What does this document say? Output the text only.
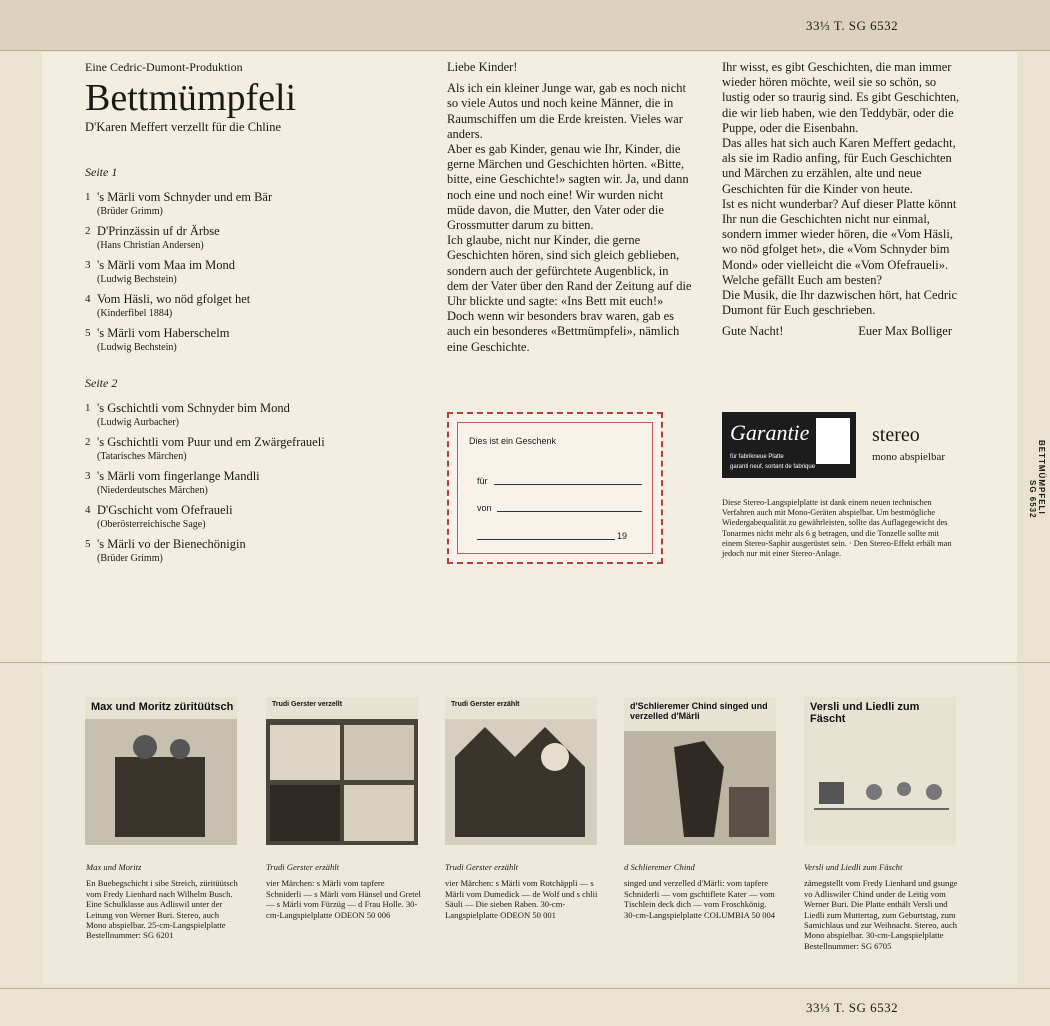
33⅓ T. SG 6532
BETTMÜMPFELI
SG 6532
Eine Cedric-Dumont-Produktion
Bettmümpfeli
D'Karen Meffert verzellt für die Chline
Seite 1
1 's Märli vom Schnyder und em Bär
(Brüder Grimm)
2 D'Prinzässin uf dr Ärbse
(Hans Christian Andersen)
3 's Märli vom Maa im Mond
(Ludwig Bechstein)
4 Vom Häsli, wo nöd gfolget het
(Kinderfibel 1884)
5 's Märli vom Haberschelm
(Ludwig Bechstein)
Seite 2
1 's Gschichtli vom Schnyder bim Mond
(Ludwig Aurbacher)
2 's Gschichtli vom Puur und em Zwärgefraueli
(Tatarisches Märchen)
3 's Märli vom fingerlange Mandli
(Niederdeutsches Märchen)
4 D'Gschicht vom Ofefraueli
(Oberösterreichische Sage)
5 's Märli vo der Bienechönigin
(Brüder Grimm)

Liebe Kinder!

Als ich ein kleiner Junge war, gab es noch nicht so viele Autos und noch keine Männer, die in Raumschiffen um die Erde kreisten. Vieles war anders.

Aber es gab Kinder, genau wie Ihr, Kinder, die gerne Märchen und Geschichten hörten. «Bitte, bitte, eine Geschichte!» sagten wir. Ja, und dann noch eine und noch eine! Wir wurden nicht müde davon, die Mutter, den Vater oder die Grossmutter darum zu bitten.

Ich glaube, nicht nur Kinder, die gerne Geschichten hören, sind sich gleich geblieben, sondern auch der gefürchtete Augenblick, in dem der Vater über den Rand der Zeitung auf die Uhr blickte und sagte: «Ins Bett mit euch!»

Doch wenn wir besonders brav waren, gab es auch ein besonderes «Bettmümpfeli», nämlich eine Geschichte.

Ihr wisst, es gibt Geschichten, die man immer wieder hören möchte, weil sie so schön, so lustig oder so traurig sind. Es gibt Geschichten, die wir lieb haben, wie den Teddybär, oder die Puppe, oder die Eisenbahn.

Das alles hat sich auch Karen Meffert gedacht, als sie im Radio anfing, für Euch Geschichten und Märchen zu erzählen, alte und neue Geschichten für die Kinder von heute.

Ist es nicht wunderbar? Auf dieser Platte könnt Ihr nun die Geschichten nicht nur einmal, sondern immer wieder hören, die «Vom Häsli, wo nöd gfolget het», die «Vom Schnyder bim Mond» oder vielleicht die «Vom Ofefraueli».

Welche gefällt Euch am besten?

Die Musik, die Ihr dazwischen hört, hat Cedric Dumont für Euch geschrieben.

Gute Nacht!	Euer Max Bolliger
Dies ist ein Geschenk
für
von
19
Garantie
für fabrikneue Platte
garanti neuf, sortant de fabrique
stereo
mono abspielbar
Diese Stereo-Langspielplatte ist dank einem neuen technischen Verfahren auch mit Mono-Geräten abspielbar. Um bestmögliche Wiedergabequalität zu gewährleisten, sollte das Auflagegewicht des Tonarmes nicht mehr als 6 g betragen, und die Tonzelle sollte mit einem Stereo-Saphir ausgerüstet sein. · Den Stereo-Effekt erhält man jedoch nur mit einer Stereo-Anlage.
Max und Moritz züritüütsch	Trudi Gerster verzellt	Trudi Gerster erzählt	d'Schlieremer Chind singed und verzelled d'Märli
Versli und Liedli zum Fäscht
Max und Moritz
En Buebegschicht i sibe Streich, züritüütsch vom Fredy Lienhard nach Wilhelm Busch. Eine Schulklasse aus Adliswil unter der Leitung von Werner Buri. Stereo, auch Mono abspielbar. 25-cm-Langspielplatte Bestellnummer: SG 6201
Trudi Gerster erzählt
vier Märchen: s Märli vom tapfere Schniderli — s Märli vom Hänsel und Gretel — s Märli vom Fürzüg — d Frau Holle. 30-cm-Langspielplatte ODEON 50 006
Trudi Gerster erzählt
vier Märchen: s Märli vom Rotchäppli — s Märli vom Dumedick — de Wolf und s chlii Säuli — Die sieben Raben. 30-cm-Langspielplatte ODEON 50 001
d Schlieremer Chind
singed und verzelled d'Märli: vom tapfere Schniderli — vom gschtiflete Kater — vom Tischlein deck dich — vom Froschkönig. 30-cm-Langspielplatte COLUMBIA 50 004
Versli und Liedli zum Fäscht
zämegstellt vom Fredy Lienhard und gsunge vo Adliswiler Chind under de Leitig vom Werner Buri. Die Platte enthält Versli und Liedli zum Muttertag, zum Geburtstag, zum Samichlaus und zur Weihnacht. Stereo, auch Mono abspielbar. 30-cm-Langspielplatte Bestellnummer: SG 6705
33⅓ T. SG 6532
